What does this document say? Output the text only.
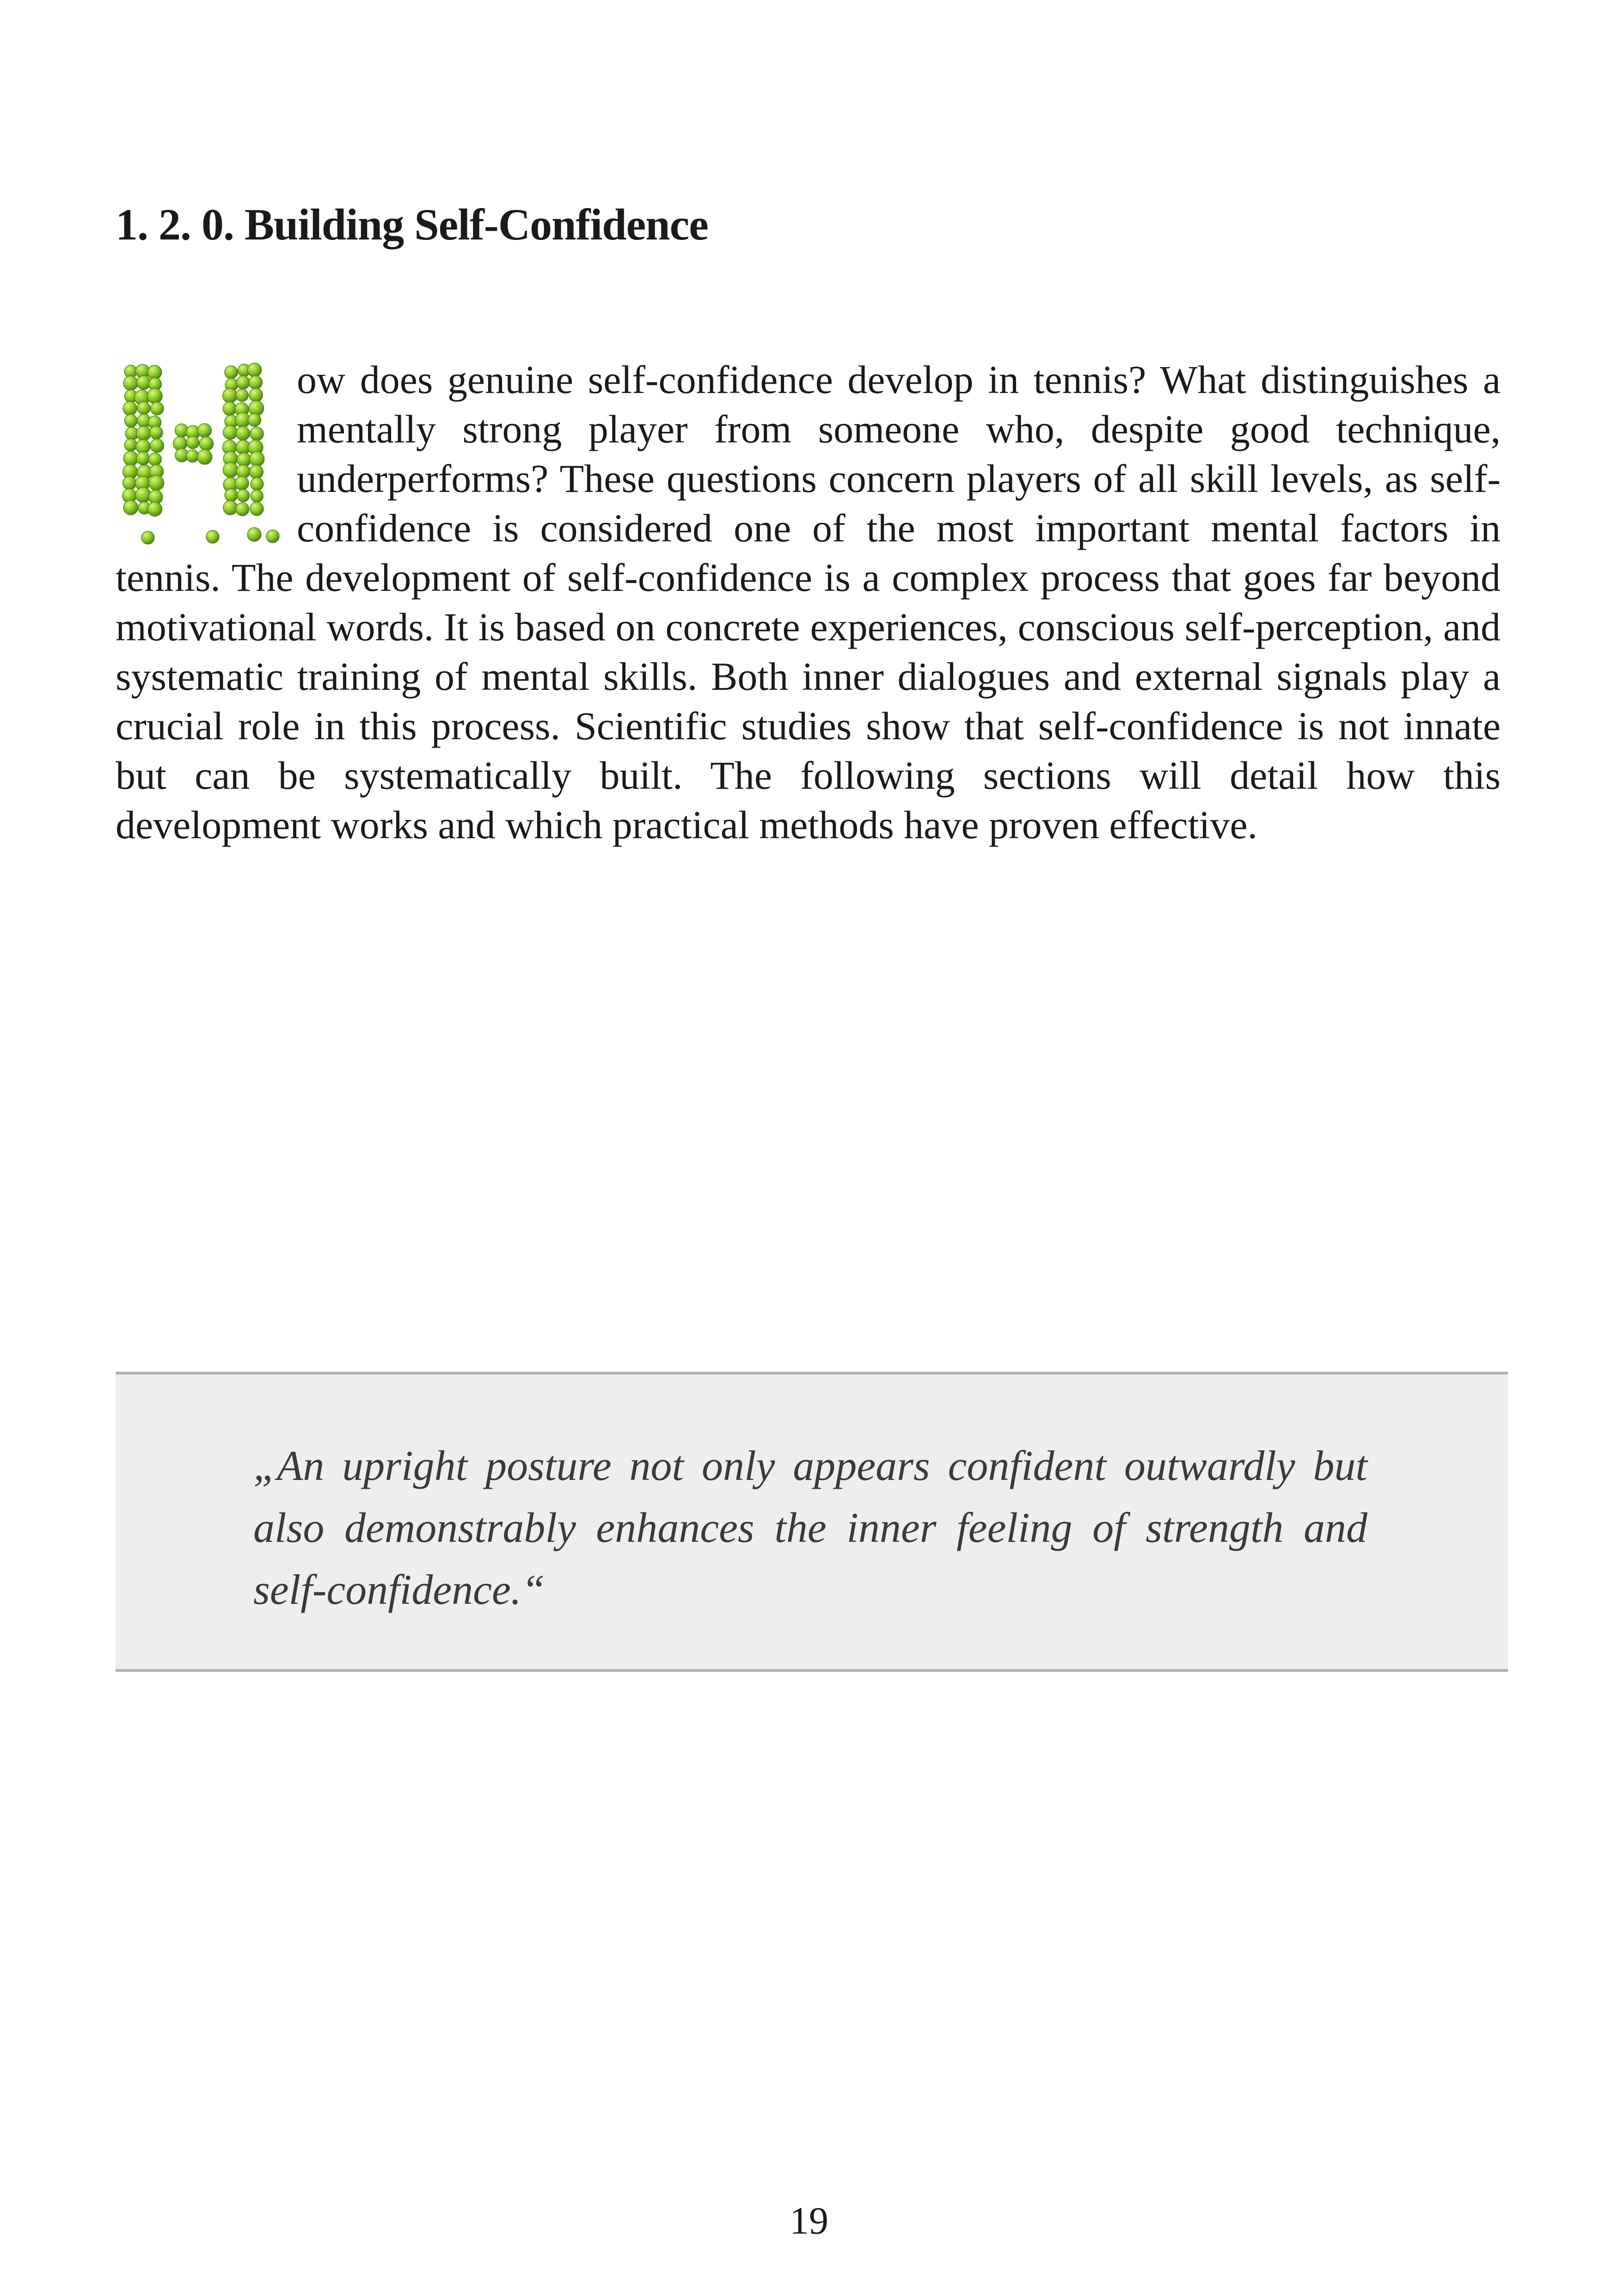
1. 2. 0. Building Self-Confidence
ow does genuine self-confidence develop in tennis? What distinguishes a mentally strong player from someone who, despite good technique, underperforms? These questions concern players of all skill levels, as self-confidence is considered one of the most important mental factors in tennis. The development of self-confidence is a complex process that goes far beyond motivational words. It is based on concrete experiences, conscious self-perception, and systematic training of mental skills. Both inner dialogues and external signals play a crucial role in this process. Scientific studies show that self-confidence is not innate but can be systematically built. The following sections will detail how this development works and which practical methods have proven effective.

„An upright posture not only appears confident outwardly but also demonstrably enhances the inner feeling of strength and self-confidence.“

19
